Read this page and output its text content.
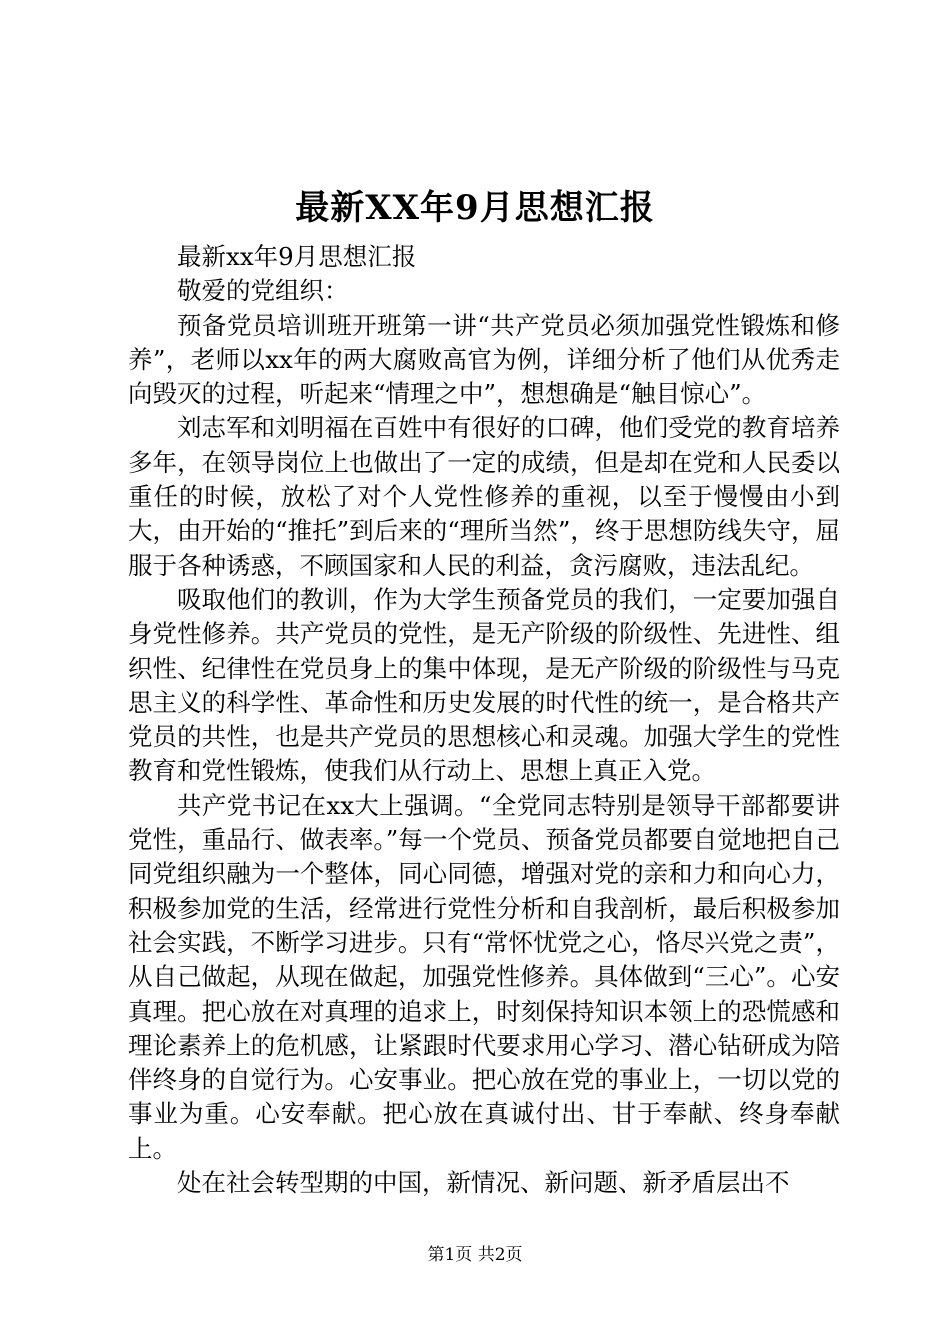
最新XX年9月思想汇报

最新xx年9月思想汇报

敬爱的党组织：

预备党员培训班开班第一讲“共产党员必须加强党性锻炼和修养”，老师以xx年的两大腐败高官为例，详细分析了他们从优秀走向毁灭的过程，听起来“情理之中”，想想确是“触目惊心”。

刘志军和刘明福在百姓中有很好的口碑，他们受党的教育培养多年，在领导岗位上也做出了一定的成绩，但是却在党和人民委以重任的时候，放松了对个人党性修养的重视，以至于慢慢由小到大，由开始的“推托”到后来的“理所当然”，终于思想防线失守，屈服于各种诱惑，不顾国家和人民的利益，贪污腐败，违法乱纪。

吸取他们的教训，作为大学生预备党员的我们，一定要加强自身党性修养。共产党员的党性，是无产阶级的阶级性、先进性、组织性、纪律性在党员身上的集中体现，是无产阶级的阶级性与马克思主义的科学性、革命性和历史发展的时代性的统一，是合格共产党员的共性，也是共产党员的思想核心和灵魂。加强大学生的党性教育和党性锻炼，使我们从行动上、思想上真正入党。

共产党书记在xx大上强调。“全党同志特别是领导干部都要讲党性，重品行、做表率。”每一个党员、预备党员都要自觉地把自己同党组织融为一个整体，同心同德，增强对党的亲和力和向心力，积极参加党的生活，经常进行党性分析和自我剖析，最后积极参加社会实践，不断学习进步。只有“常怀忧党之心，恪尽兴党之责”，从自己做起，从现在做起，加强党性修养。具体做到“三心”。心安真理。把心放在对真理的追求上，时刻保持知识本领上的恐慌感和理论素养上的危机感，让紧跟时代要求用心学习、潜心钻研成为陪伴终身的自觉行为。心安事业。把心放在党的事业上，一切以党的事业为重。心安奉献。把心放在真诚付出、甘于奉献、终身奉献上。

处在社会转型期的中国，新情况、新问题、新矛盾层出不

第1页 共2页
